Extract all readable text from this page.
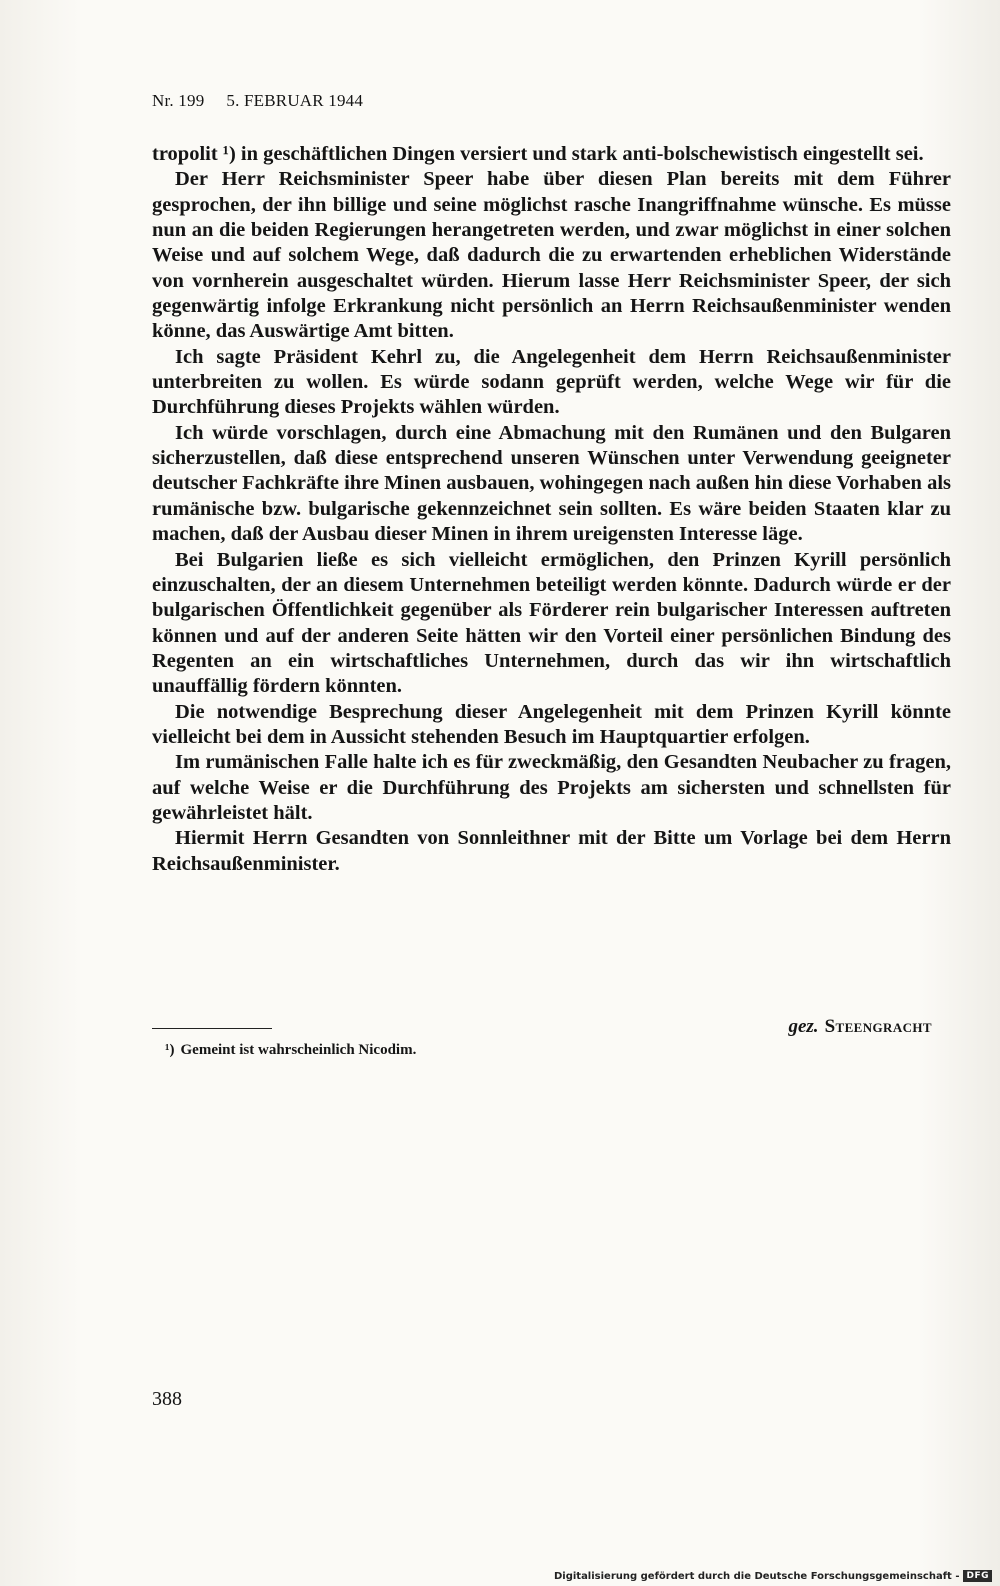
Nr. 199 5. FEBRUAR 1944

tropolit ¹) in geschäftlichen Dingen versiert und stark anti-bolschewistisch eingestellt sei.

Der Herr Reichsminister Speer habe über diesen Plan bereits mit dem Führer gesprochen, der ihn billige und seine möglichst rasche Inangriffnahme wünsche. Es müsse nun an die beiden Regierungen herangetreten werden, und zwar möglichst in einer solchen Weise und auf solchem Wege, daß dadurch die zu erwartenden erheblichen Widerstände von vornherein ausgeschaltet würden. Hierum lasse Herr Reichsminister Speer, der sich gegenwärtig infolge Erkrankung nicht persönlich an Herrn Reichsaußenminister wenden könne, das Auswärtige Amt bitten.

Ich sagte Präsident Kehrl zu, die Angelegenheit dem Herrn Reichsaußenminister unterbreiten zu wollen. Es würde sodann geprüft werden, welche Wege wir für die Durchführung dieses Projekts wählen würden.

Ich würde vorschlagen, durch eine Abmachung mit den Rumänen und den Bulgaren sicherzustellen, daß diese entsprechend unseren Wünschen unter Verwendung geeigneter deutscher Fachkräfte ihre Minen ausbauen, wohingegen nach außen hin diese Vorhaben als rumänische bzw. bulgarische gekennzeichnet sein sollten. Es wäre beiden Staaten klar zu machen, daß der Ausbau dieser Minen in ihrem ureigensten Interesse läge.

Bei Bulgarien ließe es sich vielleicht ermöglichen, den Prinzen Kyrill persönlich einzuschalten, der an diesem Unternehmen beteiligt werden könnte. Dadurch würde er der bulgarischen Öffentlichkeit gegenüber als Förderer rein bulgarischer Interessen auftreten können und auf der anderen Seite hätten wir den Vorteil einer persönlichen Bindung des Regenten an ein wirtschaftliches Unternehmen, durch das wir ihn wirtschaftlich unauffällig fördern könnten.

Die notwendige Besprechung dieser Angelegenheit mit dem Prinzen Kyrill könnte vielleicht bei dem in Aussicht stehenden Besuch im Hauptquartier erfolgen.

Im rumänischen Falle halte ich es für zweckmäßig, den Gesandten Neubacher zu fragen, auf welche Weise er die Durchführung des Projekts am sichersten und schnellsten für gewährleistet hält.

Hiermit Herrn Gesandten von Sonnleithner mit der Bitte um Vorlage bei dem Herrn Reichsaußenminister.

gez. Steengracht
¹) Gemeint ist wahrscheinlich Nicodim.
388
Digitalisierung gefördert durch die Deutsche Forschungsgemeinschaft - DFG
